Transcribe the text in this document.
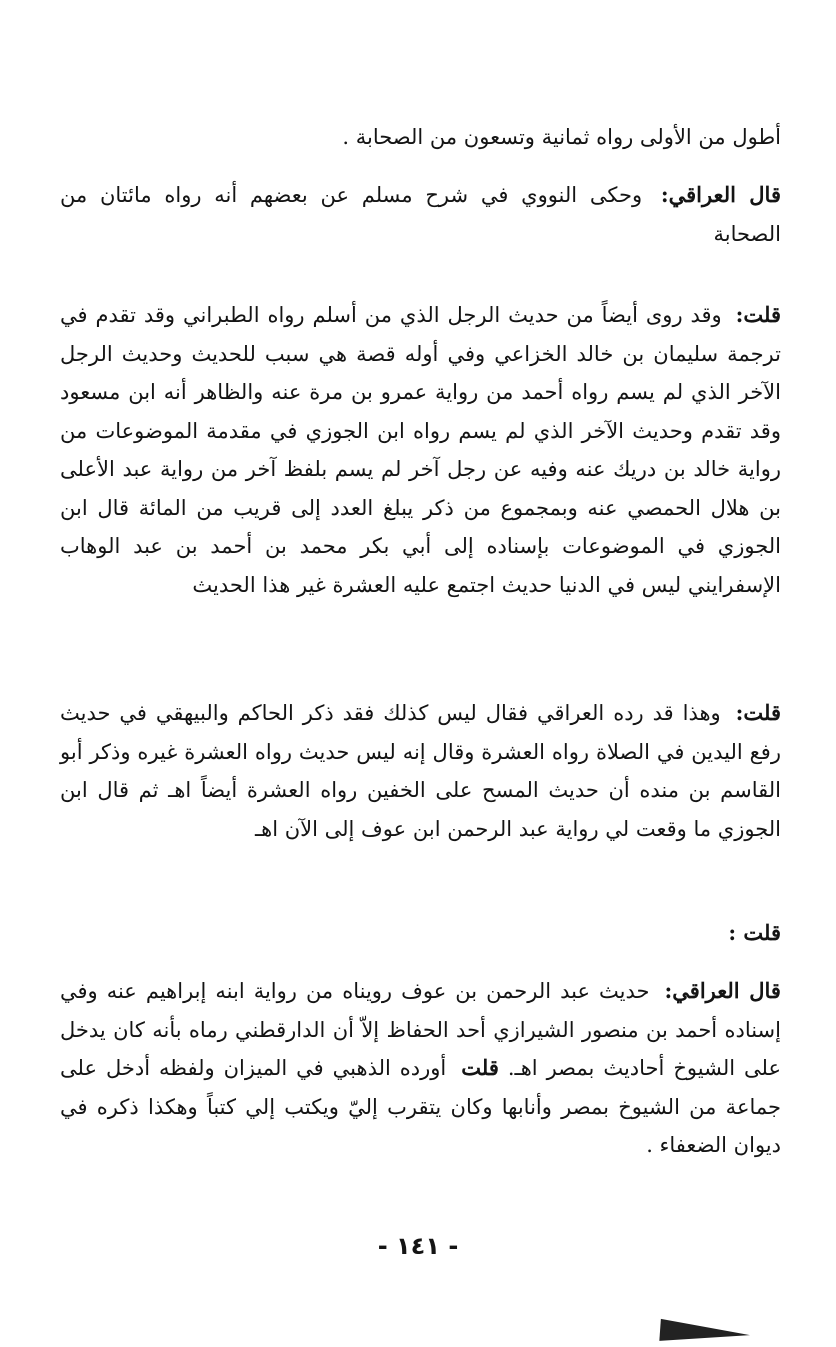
أطول من الأولى رواه ثمانية وتسعون من الصحابة .
قال العراقي: وحكى النووي في شرح مسلم عن بعضهم أنه رواه مائتان من الصحابة
قلت: وقد روى أيضاً من حديث الرجل الذي من أسلم رواه الطبراني وقد تقدم في ترجمة سليمان بن خالد الخزاعي وفي أوله قصة هي سبب للحديث وحديث الرجل الآخر الذي لم يسم رواه أحمد من رواية عمرو بن مرة عنه والظاهر أنه ابن مسعود وقد تقدم وحديث الآخر الذي لم يسم رواه ابن الجوزي في مقدمة الموضوعات من رواية خالد بن دريك عنه وفيه عن رجل آخر لم يسم بلفظ آخر من رواية عبد الأعلى بن هلال الحمصي عنه وبمجموع من ذكر يبلغ العدد إلى قريب من المائة قال ابن الجوزي في الموضوعات بإسناده إلى أبي بكر محمد بن أحمد بن عبد الوهاب الإسفرايني ليس في الدنيا حديث اجتمع عليه العشرة غير هذا الحديث
قلت: وهذا قد رده العراقي فقال ليس كذلك فقد ذكر الحاكم والبيهقي في حديث رفع اليدين في الصلاة رواه العشرة وقال إنه ليس حديث رواه العشرة غيره وذكر أبو القاسم بن منده أن حديث المسح على الخفين رواه العشرة أيضاً اهـ ثم قال ابن الجوزي ما وقعت لي رواية عبد الرحمن ابن عوف إلى الآن اهـ
قلت :
قال العراقي: حديث عبد الرحمن بن عوف رويناه من رواية ابنه إبراهيم عنه وفي إسناده أحمد بن منصور الشيرازي أحد الحفاظ إلاّ أن الدارقطني رماه بأنه كان يدخل على الشيوخ أحاديث بمصر اهـ. قلت أورده الذهبي في الميزان ولفظه أدخل على جماعة من الشيوخ بمصر وأنابها وكان يتقرب إليّ ويكتب إلي كتباً وهكذا ذكره في ديوان الضعفاء .
- ١٤١ -
